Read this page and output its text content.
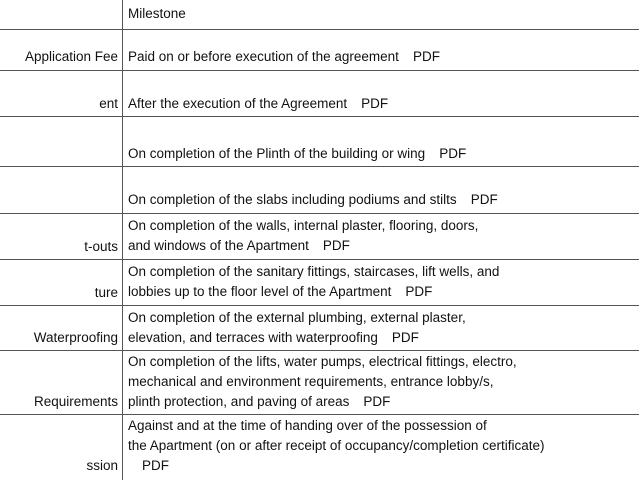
Milestone
Application Fee Paid on or before execution of the agreement PDF
ent After the execution of the Agreement PDF
On completion of the Plinth of the building or wing PDF
On completion of the slabs including podiums and stilts PDF
t-outs
On completion of the walls, internal plaster, flooring, doors,
and windows of the Apartment PDF
ture
On completion of the sanitary fittings, staircases, lift wells, and
lobbies up to the floor level of the Apartment PDF
Waterproofing
On completion of the external plumbing, external plaster,
elevation, and terraces with waterproofing PDF
Requirements
On completion of the lifts, water pumps, electrical fittings, electro,
mechanical and environment requirements, entrance lobby/s,
plinth protection, and paving of areas PDF
ssion
Against and at the time of handing over of the possession of
the Apartment (on or after receipt of occupancy/completion certificate)
PDF
